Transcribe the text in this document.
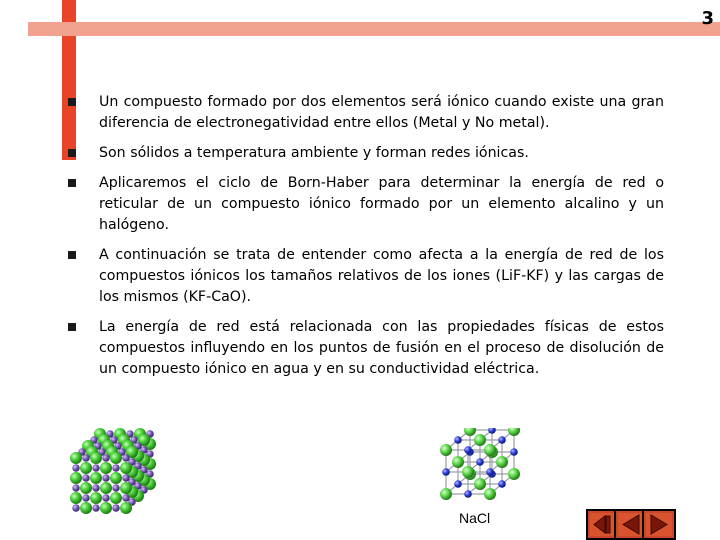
3
Un compuesto formado por dos elementos será iónico cuando existe una gran diferencia de electronegatividad entre ellos (Metal y No metal).
Son sólidos a temperatura ambiente y forman redes iónicas.
Aplicaremos el ciclo de Born-Haber para determinar la energía de red o reticular de un compuesto iónico formado por un elemento alcalino y un halógeno.
A continuación se trata de entender como afecta a la energía de red de los compuestos iónicos los tamaños relativos de los iones (LiF-KF) y las cargas de los mismos (KF-CaO).
La energía de red está relacionada con las propiedades físicas de estos compuestos influyendo en los puntos de fusión en el proceso de disolución de un compuesto iónico en agua y en su conductividad eléctrica.
NaCl
